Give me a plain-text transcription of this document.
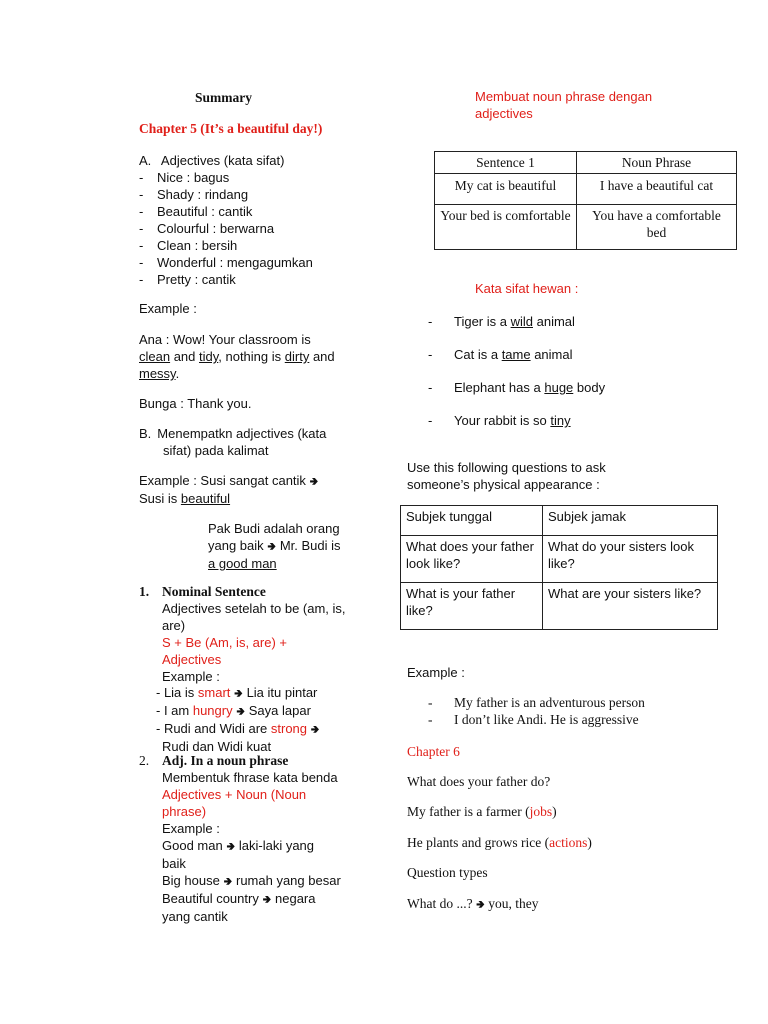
Summary
Chapter 5 (It’s a beautiful day!)
A. Adjectives (kata sifat)
- Nice : bagus
- Shady : rindang
- Beautiful : cantik
- Colourful : berwarna
- Clean : bersih
- Wonderful : mengagumkan
- Pretty : cantik
Example :
Ana : Wow! Your classroom is
clean and tidy, nothing is dirty and
messy.
Bunga : Thank you.
B. Menempatkn adjectives (kata
sifat) pada kalimat
Example : Susi sangat cantik 🢂
Susi is beautiful
Pak Budi adalah orang
yang baik 🢂 Mr. Budi is
a good man
1. Nominal Sentence
Adjectives setelah to be (am, is,
are)
S + Be (Am, is, are) +
Adjectives
Example :
- Lia is smart 🢂 Lia itu pintar
- I am hungry 🢂 Saya lapar
- Rudi and Widi are strong 🢂
Rudi dan Widi kuat
2. Adj. In a noun phrase
Membentuk fhrase kata benda
Adjectives + Noun (Noun
phrase)
Example :
Good man 🢂 laki-laki yang
baik
Big house 🢂 rumah yang besar
Beautiful country 🢂 negara
yang cantik
Membuat noun phrase dengan
adjectives
Sentence 1	Noun Phrase
My cat is beautiful	I have a beautiful cat
Your bed is comfortable	You have a comfortable bed
Kata sifat hewan :
- Tiger is a wild animal
- Cat is a tame animal
- Elephant has a huge body
- Your rabbit is so tiny
Use this following questions to ask
someone’s physical appearance :
Subjek tunggal	Subjek jamak
What does your father look like?	What do your sisters look like?
What is your father like?	What are your sisters like?
Example :
- My father is an adventurous person
- I don’t like Andi. He is aggressive
Chapter 6
What does your father do?
My father is a farmer (jobs)
He plants and grows rice (actions)
Question types
What do ...? 🢂 you, they
